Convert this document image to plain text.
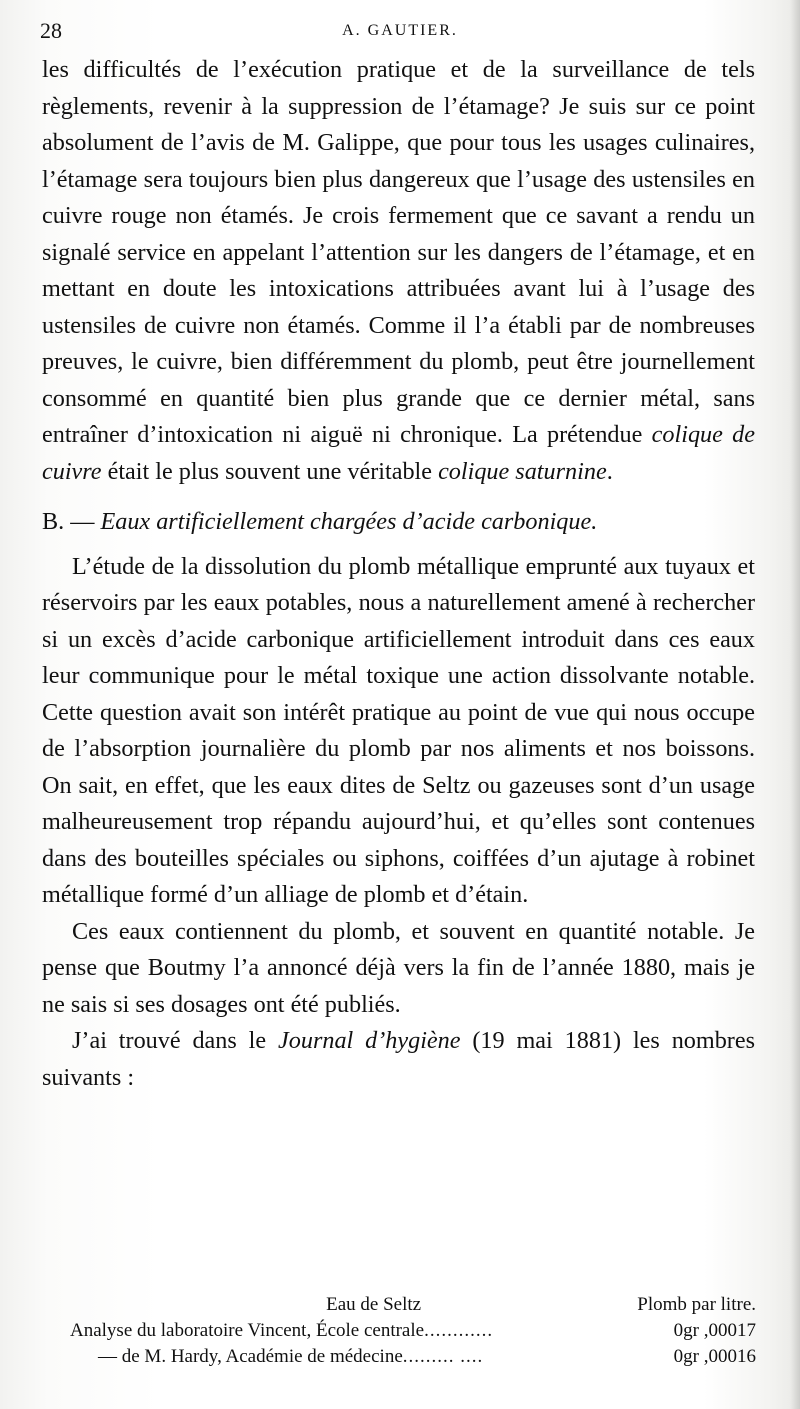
28	A. GAUTIER.

les difficultés de l’exécution pratique et de la surveillance de tels règlements, revenir à la suppression de l’étamage? Je suis sur ce point absolument de l’avis de M. Galippe, que pour tous les usages culinaires, l’étamage sera toujours bien plus dangereux que l’usage des ustensiles en cuivre rouge non étamés. Je crois fermement que ce savant a rendu un signalé service en appelant l’attention sur les dangers de l’étamage, et en mettant en doute les intoxications attribuées avant lui à l’usage des ustensiles de cuivre non étamés. Comme il l’a établi par de nombreuses preuves, le cuivre, bien différemment du plomb, peut être journellement consommé en quantité bien plus grande que ce dernier métal, sans entraîner d’intoxication ni aiguë ni chronique. La prétendue colique de cuivre était le plus souvent une véritable colique saturnine.

B. — Eaux artificiellement chargées d’acide carbonique.

L’étude de la dissolution du plomb métallique emprunté aux tuyaux et réservoirs par les eaux potables, nous a naturellement amené à rechercher si un excès d’acide carbonique artificiellement introduit dans ces eaux leur communique pour le métal toxique une action dissolvante notable. Cette question avait son intérêt pratique au point de vue qui nous occupe de l’absorption journalière du plomb par nos aliments et nos boissons. On sait, en effet, que les eaux dites de Seltz ou gazeuses sont d’un usage malheureusement trop répandu aujourd’hui, et qu’elles sont contenues dans des bouteilles spéciales ou siphons, coiffées d’un ajutage à robinet métallique formé d’un alliage de plomb et d’étain.

Ces eaux contiennent du plomb, et souvent en quantité notable. Je pense que Boutmy l’a annoncé déjà vers la fin de l’année 1880, mais je ne sais si ses dosages ont été publiés.

J’ai trouvé dans le Journal d’hygiène (19 mai 1881) les nombres suivants :

Eau de Seltz	Plomb par litre.
Analyse du laboratoire Vincent, École centrale............	0gr ,00017
— de M. Hardy, Académie de médecine......... ....	0gr ,00016
